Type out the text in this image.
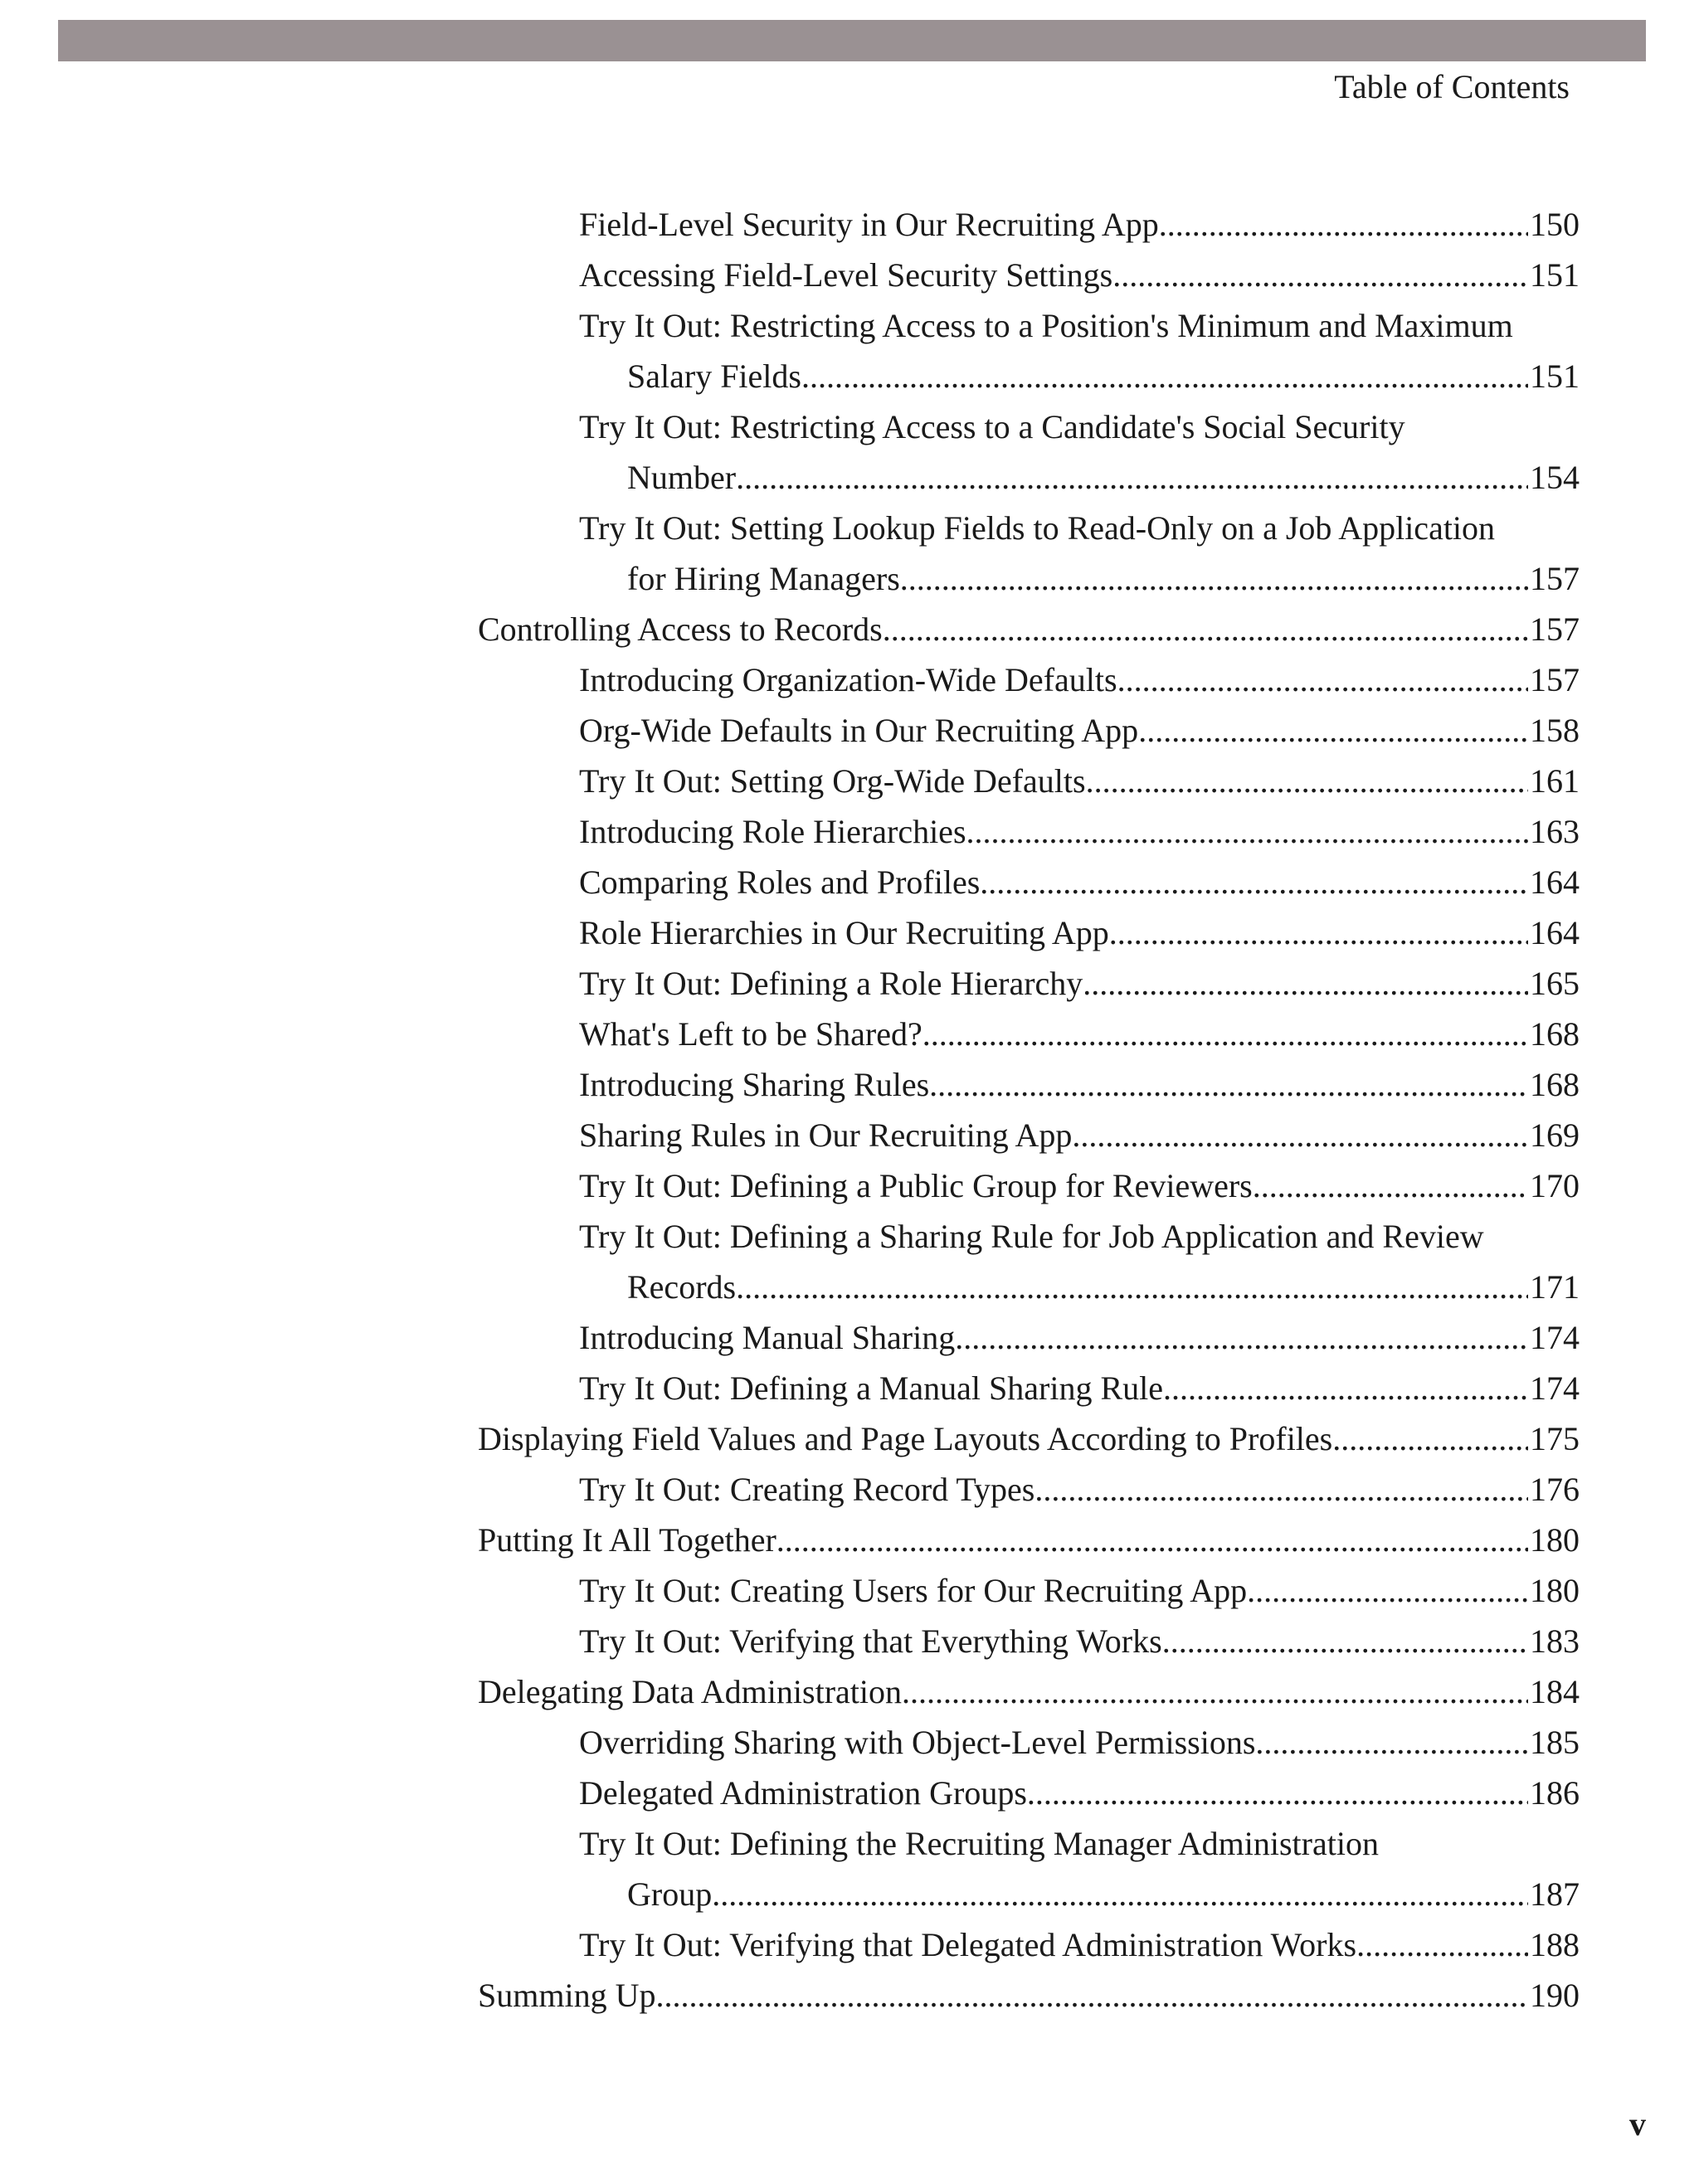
Table of Contents
Field-Level Security in Our Recruiting App .....	150
Accessing Field-Level Security Settings .....	151
Try It Out: Restricting Access to a Position's Minimum and Maximum
Salary Fields .....	151
Try It Out: Restricting Access to a Candidate's Social Security
Number .....	154
Try It Out: Setting Lookup Fields to Read-Only on a Job Application
for Hiring Managers .....	157
Controlling Access to Records .....	157
Introducing Organization-Wide Defaults .....	157
Org-Wide Defaults in Our Recruiting App .....	158
Try It Out: Setting Org-Wide Defaults .....	161
Introducing Role Hierarchies .....	163
Comparing Roles and Profiles .....	164
Role Hierarchies in Our Recruiting App .....	164
Try It Out: Defining a Role Hierarchy .....	165
What's Left to be Shared? .....	168
Introducing Sharing Rules .....	168
Sharing Rules in Our Recruiting App .....	169
Try It Out: Defining a Public Group for Reviewers .....	170
Try It Out: Defining a Sharing Rule for Job Application and Review
Records .....	171
Introducing Manual Sharing .....	174
Try It Out: Defining a Manual Sharing Rule .....	174
Displaying Field Values and Page Layouts According to Profiles .....	175
Try It Out: Creating Record Types .....	176
Putting It All Together .....	180
Try It Out: Creating Users for Our Recruiting App .....	180
Try It Out: Verifying that Everything Works .....	183
Delegating Data Administration .....	184
Overriding Sharing with Object-Level Permissions .....	185
Delegated Administration Groups .....	186
Try It Out: Defining the Recruiting Manager Administration
Group .....	187
Try It Out: Verifying that Delegated Administration Works .....	188
Summing Up .....	190
v
